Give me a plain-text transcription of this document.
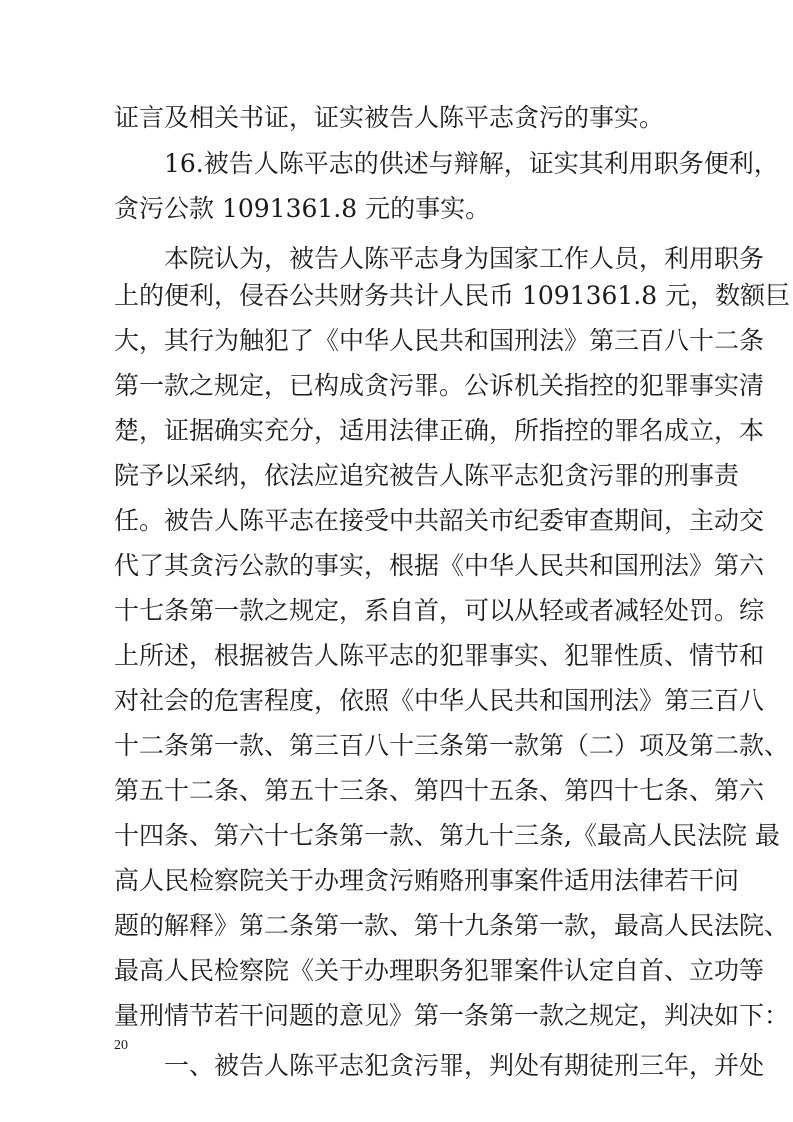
证言及相关书证，证实被告人陈平志贪污的事实。
16.被告人陈平志的供述与辩解，证实其利用职务便利，
贪污公款 1091361.8 元的事实。
本院认为，被告人陈平志身为国家工作人员，利用职务
上的便利，侵吞公共财务共计人民币 1091361.8 元，数额巨
大，其行为触犯了《中华人民共和国刑法》第三百八十二条
第一款之规定，已构成贪污罪。公诉机关指控的犯罪事实清
楚，证据确实充分，适用法律正确，所指控的罪名成立，本
院予以采纳，依法应追究被告人陈平志犯贪污罪的刑事责
任。被告人陈平志在接受中共韶关市纪委审查期间，主动交
代了其贪污公款的事实，根据《中华人民共和国刑法》第六
十七条第一款之规定，系自首，可以从轻或者减轻处罚。综
上所述，根据被告人陈平志的犯罪事实、犯罪性质、情节和
对社会的危害程度，依照《中华人民共和国刑法》第三百八
十二条第一款、第三百八十三条第一款第（二）项及第二款、
第五十二条、第五十三条、第四十五条、第四十七条、第六
十四条、第六十七条第一款、第九十三条,《最高人民法院 最
高人民检察院关于办理贪污贿赂刑事案件适用法律若干问
题的解释》第二条第一款、第十九条第一款，最高人民法院、
最高人民检察院《关于办理职务犯罪案件认定自首、立功等
量刑情节若干问题的意见》第一条第一款之规定，判决如下：
一、被告人陈平志犯贪污罪，判处有期徒刑三年，并处
20
